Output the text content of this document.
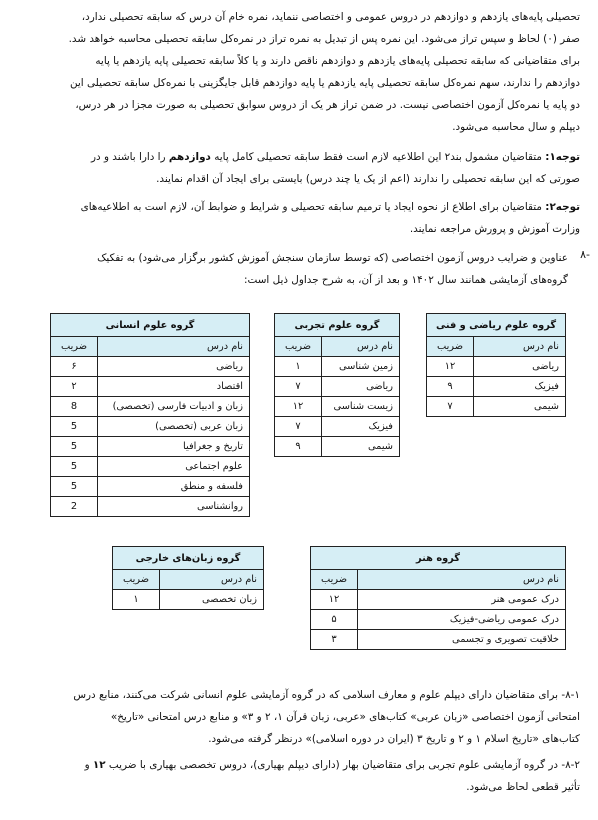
تحصیلی پایه‌های یازدهم و دوازدهم در دروس عمومی و اختصاصی ننماید، نمره خام آن درس که سابقه تحصیلی ندارد،
صفر (۰) لحاظ و سپس تراز می‌شود. این نمره پس از تبدیل به نمره تراز در نمره‌کل سابقه تحصیلی محاسبه خواهد شد.
برای متقاضیانی که سابقه تحصیلی پایه‌های یازدهم و دوازدهم ناقص دارند و یا کلاً سابقه تحصیلی پایه یازدهم یا پایه
دوازدهم را ندارند، سهم نمره‌کل سابقه تحصیلی پایه یازدهم یا پایه دوازدهم قابل جایگزینی با نمره‌کل سابقه تحصیلی این
دو پایه یا نمره‌کل آزمون اختصاصی نیست. در ضمن تراز هر یک از دروس سوابق تحصیلی به صورت مجزا در هر درس،
دیپلم و سال محاسبه می‌شود.
توجه۱: متقاضیان مشمول بند۲ این اطلاعیه لازم است فقط سابقه تحصیلی کامل پایه دوازدهم را دارا باشند و در
صورتی که این سابقه تحصیلی را ندارند (اعم از یک یا چند درس) بایستی برای ایجاد آن اقدام نمایند.
توجه۲: متقاضیان برای اطلاع از نحوه ایجاد یا ترمیم سابقه تحصیلی و شرایط و ضوابط آن، لازم است به اطلاعیه‌های
وزارت آموزش و پرورش مراجعه نمایند.
-۸
عناوین و ضرایب دروس آزمون اختصاصی (که توسط سازمان سنجش آموزش کشور برگزار می‌شود) به تفکیک
گروه‌های آزمایشی همانند سال ۱۴۰۲ و بعد از آن، به شرح جداول ذیل است:
گروه علوم ریاضی و فنی	
نام درس	ضریب
ریاضی	۱۲
فیزیک	۹
شیمی	۷
گروه علوم تجربی	
نام درس	ضریب
زمین شناسی	۱
ریاضی	۷
زیست شناسی	۱۲
فیزیک	۷
شیمی	۹
گروه علوم انسانی	
نام درس	ضریب
ریاضی	۶
اقتصاد	۲
زبان و ادبیات فارسی (تخصصی)	8
زبان عربی (تخصصی)	5
تاریخ و جغرافیا	5
علوم اجتماعی	5
فلسفه و منطق	5
روانشناسی	2
گروه هنر	
نام درس	ضریب
درک عمومی هنر	۱۲
درک عمومی ریاضی-فیزیک	۵
خلاقیت تصویری و تجسمی	۳
گروه زبان‌های خارجی	
نام درس	ضریب
زبان تخصصی	۱
۸-۱- برای متقاضیان دارای دیپلم علوم و معارف اسلامی که در گروه آزمایشی علوم انسانی شرکت می‌کنند، منابع درس
امتحانی آزمون اختصاصی «زبان عربی» کتاب‌های «عربی، زبان قرآن ۱، ۲ و ۳» و منابع درس امتحانی «تاریخ»
کتاب‌های «تاریخ اسلام ۱ و ۲ و تاریخ ۳ (ایران در دوره اسلامی)» درنظر گرفته می‌شود.
۸-۲- در گروه آزمایشی علوم تجربی برای متقاضیان بهار (دارای دیپلم بهیاری)، دروس تخصصی بهیاری با ضریب ۱۲ و
تأثیر قطعی لحاظ می‌شود.
